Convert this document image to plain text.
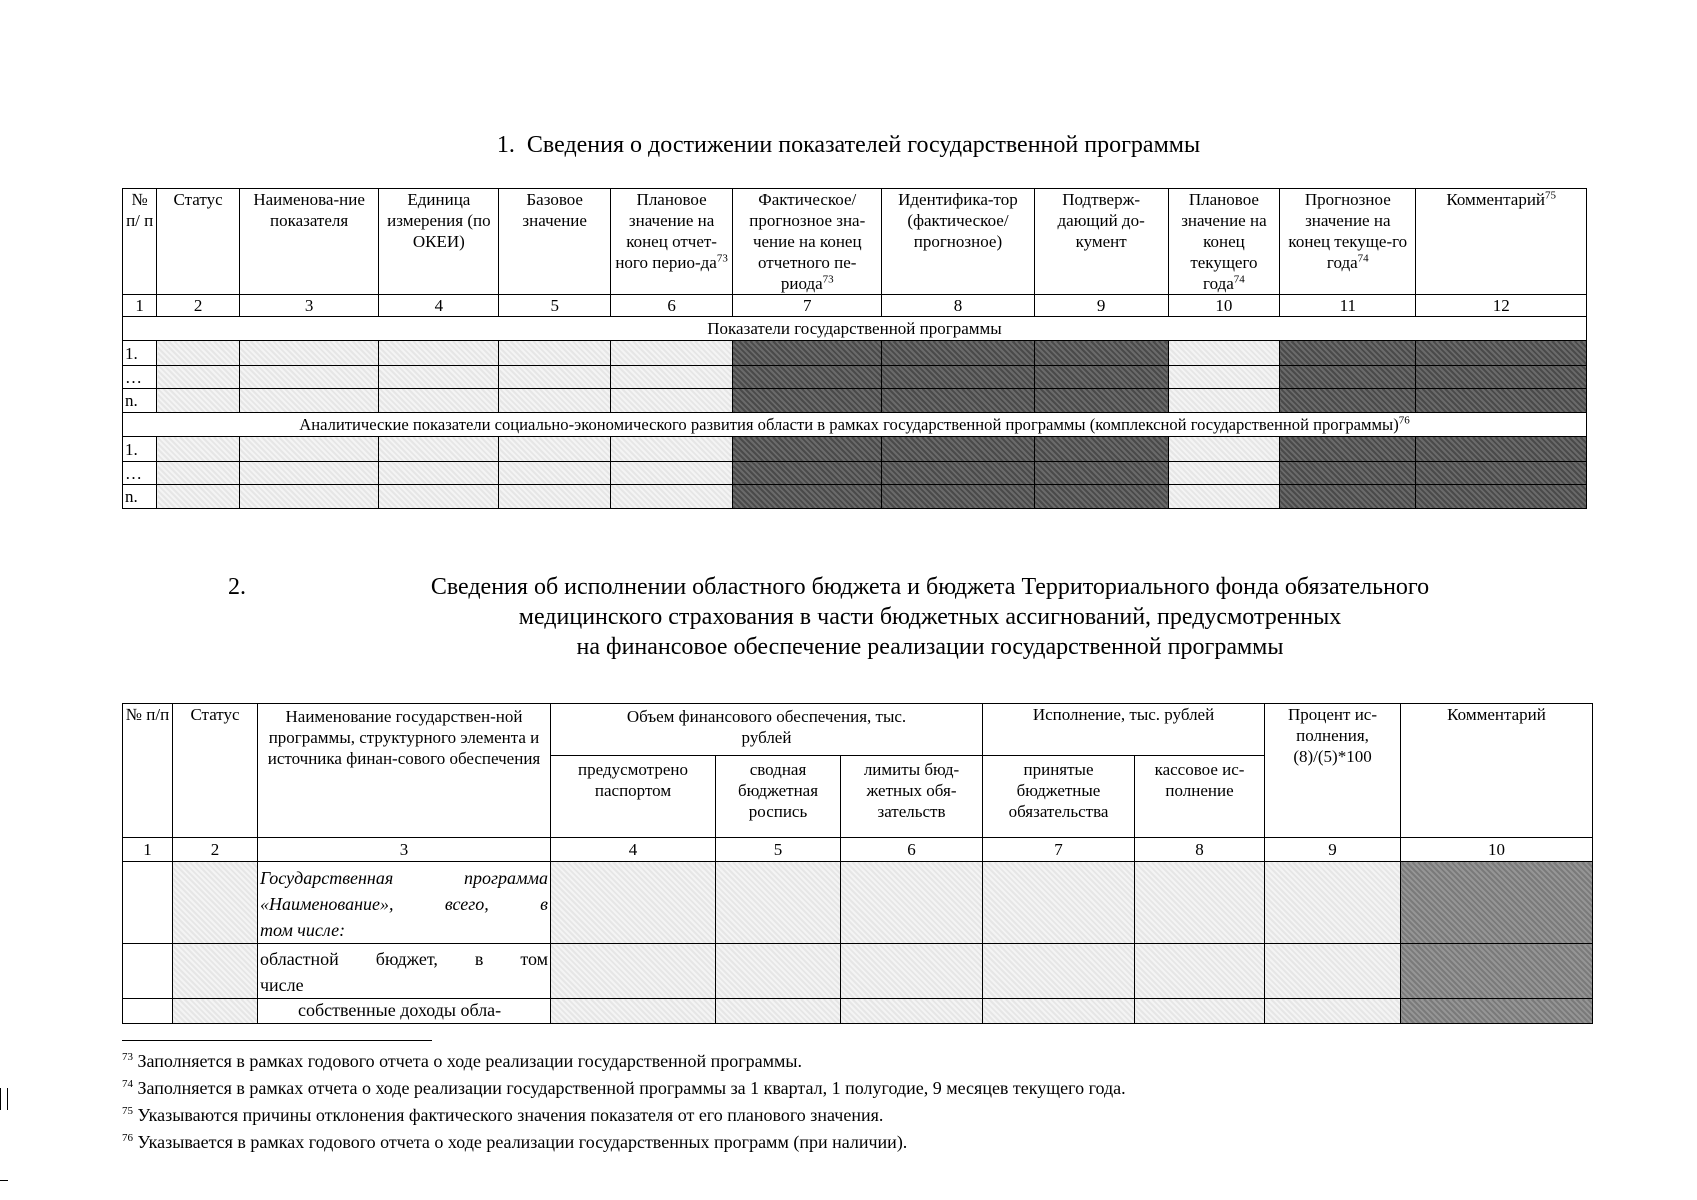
1. Сведения о достижении показателей государственной программы
№ п/ п	Статус	Наименова-ние показателя	Единица измерения (по ОКЕИ)	Базовое значение	Плановое значение на конец отчет-ного перио-$да^{73}$	Фактическое/ прогнозное зна-чение на конец отчетного пе-риода$^{73}$	Идентифика-тор (фактическое/ прогнозное)	Подтверж-дающий до-кумент	Плановое значение на конец текущего года$^{74}$	Прогнозное значение на конец текуще-го года$^{74}$	Комментарий$^{75}$
1	2	3	4	5	6	7	8	9	10	11	12
Показатели государственной программы											
1.											
…											
n.											
Аналитические показатели социально-экономического развития области в рамках государственной программы (комплексной государственной программы)$^{76}$
1.											
…											
n.											
2.	Сведения об исполнении областного бюджета и бюджета Территориального фонда обязательного
медицинского страхования в части бюджетных ассигнований, предусмотренных
на финансовое обеспечение реализации государственной программы
№ п/п	Статус	Наименование государствен-ной программы, структурного элемента и источника финан-сового обеспечения	Объем финансового обеспечения, тыс. рублей			Исполнение, тыс. рублей		Процент ис-полнения, (8)/(5)*100	Комментарий
			предусмотрено паспортом	сводная бюджетная роспись	лимиты бюд-жетных обя-зательств	принятые бюджетные обязательства	кассовое ис-полнение		
1	2	3	4	5	6	7	8	9	10

		Государственная программа
«Наименование», всего, в
том числе:							

		областной бюджет, в том
числе							

		собственные доходы обла-							

$^{73}$ Заполняется в рамках годового отчета о ходе реализации государственной программы.
$^{74}$ Заполняется в рамках отчета о ходе реализации государственной программы за 1 квартал, 1 полугодие, 9 месяцев текущего года.
$^{75}$ Указываются причины отклонения фактического значения показателя от его планового значения.
$^{76}$ Указывается в рамках годового отчета о ходе реализации государственных программ (при наличии).
